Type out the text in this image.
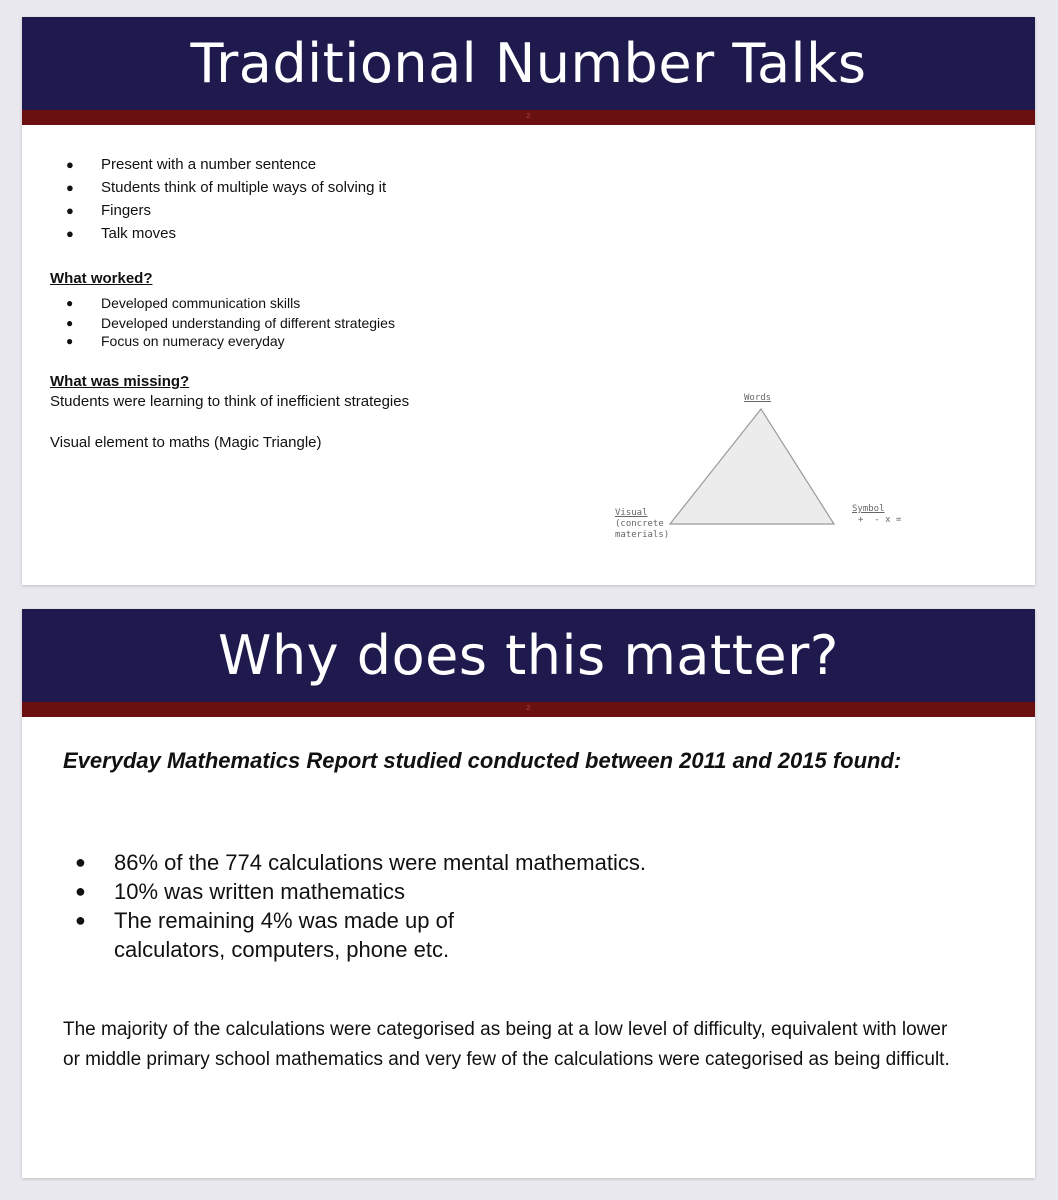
Traditional Number Talks
2
● Present with a number sentence
● Students think of multiple ways of solving it
● Fingers
● Talk moves
What worked?
● Developed communication skills
● Developed understanding of different strategies
● Focus on numeracy everyday
What was missing?
Students were learning to think of inefficient strategies
Visual element to maths (Magic Triangle)
Words
Visual
(concrete
materials)
Symbol
+  - x =
Why does this matter?
2
Everyday Mathematics Report studied conducted between 2011 and 2015 found:
● 86% of the 774 calculations were mental mathematics.
● 10% was written mathematics
● The remaining 4% was made up of calculators, computers, phone etc.
The majority of the calculations were categorised as being at a low level of difficulty, equivalent with lower or middle primary school mathematics and very few of the calculations were categorised as being difficult.
